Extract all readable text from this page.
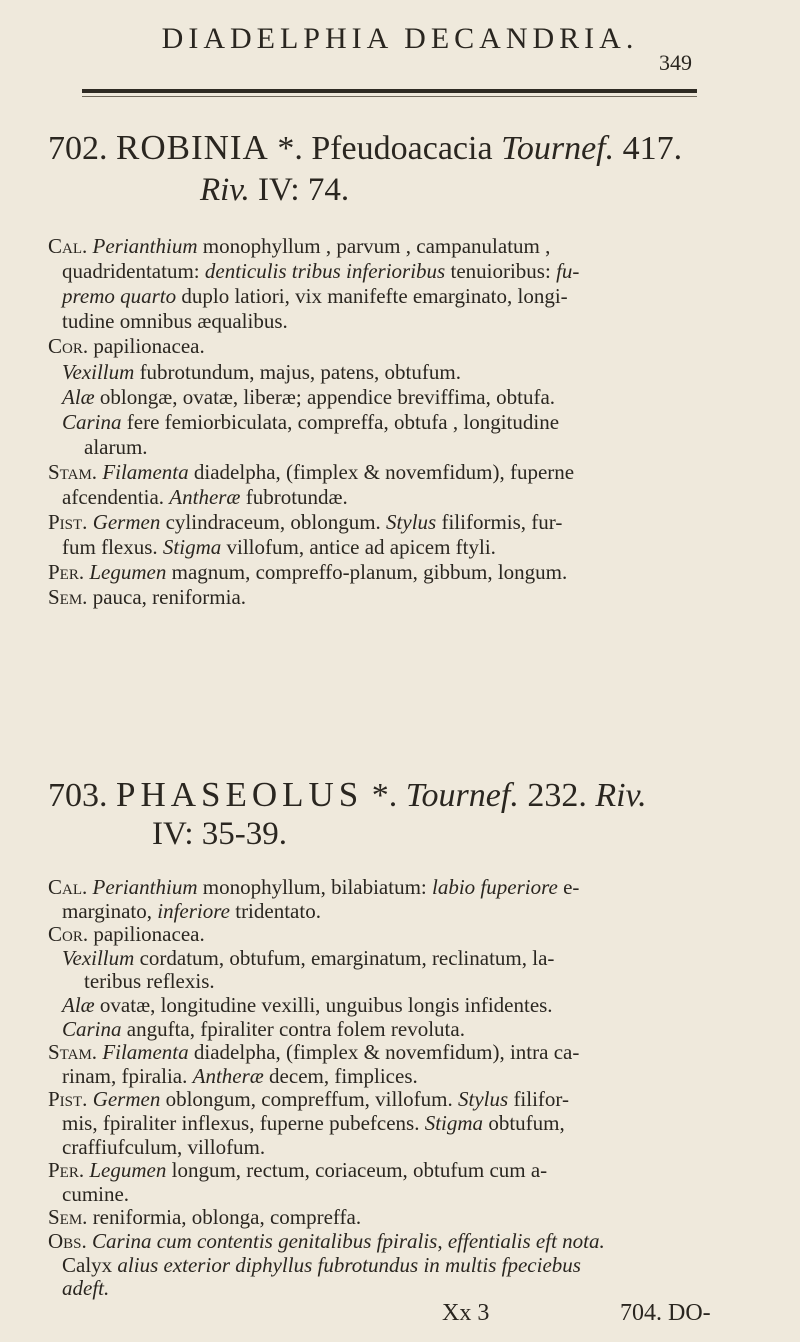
DIADELPHIA DECANDRIA.
349
702. ROBINIA *. Pfeudoacacia Tournef. 417.
Riv. IV: 74.
Cal. Perianthium monophyllum , parvum , campanulatum ,
quadridentatum: denticulis tribus inferioribus tenuioribus: fu-
premo quarto duplo latiori, vix manifefte emarginato, longi-
tudine omnibus æqualibus.
Cor. papilionacea.
Vexillum fubrotundum, majus, patens, obtufum.
Alæ oblongæ, ovatæ, liberæ; appendice breviffima, obtufa.
Carina fere femiorbiculata, compreffa, obtufa , longitudine
alarum.
Stam. Filamenta diadelpha, (fimplex & novemfidum), fuperne
afcendentia. Antheræ fubrotundæ.
Pist. Germen cylindraceum, oblongum. Stylus filiformis, fur-
fum flexus. Stigma villofum, antice ad apicem ftyli.
Per. Legumen magnum, compreffo-planum, gibbum, longum.
Sem. pauca, reniformia.
703. PHASEOLUS *. Tournef. 232. Riv.
IV: 35-39.
Cal. Perianthium monophyllum, bilabiatum: labio fuperiore e-
marginato, inferiore tridentato.
Cor. papilionacea.
Vexillum cordatum, obtufum, emarginatum, reclinatum, la-
teribus reflexis.
Alæ ovatæ, longitudine vexilli, unguibus longis infidentes.
Carina angufta, fpiraliter contra folem revoluta.
Stam. Filamenta diadelpha, (fimplex & novemfidum), intra ca-
rinam, fpiralia. Antheræ decem, fimplices.
Pist. Germen oblongum, compreffum, villofum. Stylus filifor-
mis, fpiraliter inflexus, fuperne pubefcens. Stigma obtufum,
craffiufculum, villofum.
Per. Legumen longum, rectum, coriaceum, obtufum cum a-
cumine.
Sem. reniformia, oblonga, compreffa.
Obs. Carina cum contentis genitalibus fpiralis, effentialis eft nota.
Calyx alius exterior diphyllus fubrotundus in multis fpeciebus
adeft.
Xx 3	704. DO-
